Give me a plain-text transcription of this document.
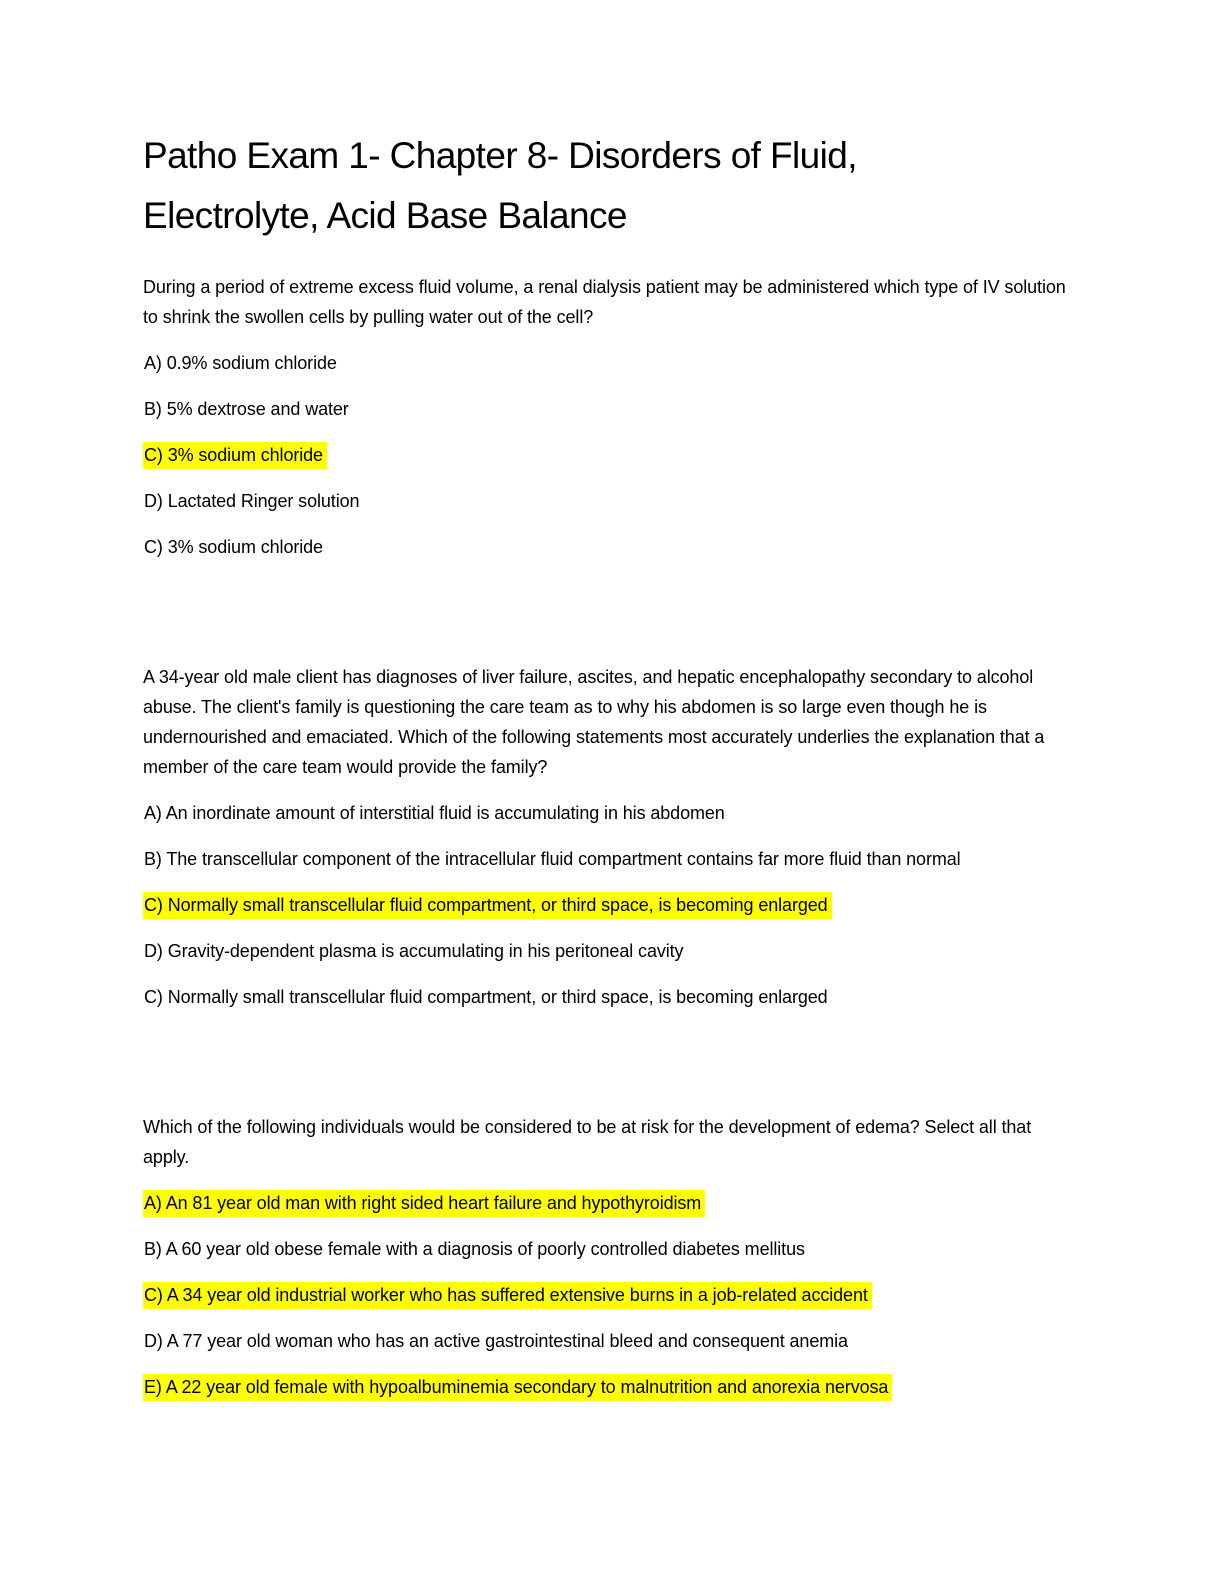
Patho Exam 1- Chapter 8- Disorders of Fluid, Electrolyte, Acid Base Balance

During a period of extreme excess fluid volume, a renal dialysis patient may be administered which type of IV solution to shrink the swollen cells by pulling water out of the cell?

A) 0.9% sodium chloride

B) 5% dextrose and water

C) 3% sodium chloride

D) Lactated Ringer solution

C) 3% sodium chloride

A 34-year old male client has diagnoses of liver failure, ascites, and hepatic encephalopathy secondary to alcohol abuse. The client's family is questioning the care team as to why his abdomen is so large even though he is undernourished and emaciated. Which of the following statements most accurately underlies the explanation that a member of the care team would provide the family?

A) An inordinate amount of interstitial fluid is accumulating in his abdomen

B) The transcellular component of the intracellular fluid compartment contains far more fluid than normal

C) Normally small transcellular fluid compartment, or third space, is becoming enlarged

D) Gravity-dependent plasma is accumulating in his peritoneal cavity

C) Normally small transcellular fluid compartment, or third space, is becoming enlarged

Which of the following individuals would be considered to be at risk for the development of edema? Select all that apply.

A) An 81 year old man with right sided heart failure and hypothyroidism

B) A 60 year old obese female with a diagnosis of poorly controlled diabetes mellitus

C) A 34 year old industrial worker who has suffered extensive burns in a job-related accident

D) A 77 year old woman who has an active gastrointestinal bleed and consequent anemia

E) A 22 year old female with hypoalbuminemia secondary to malnutrition and anorexia nervosa
